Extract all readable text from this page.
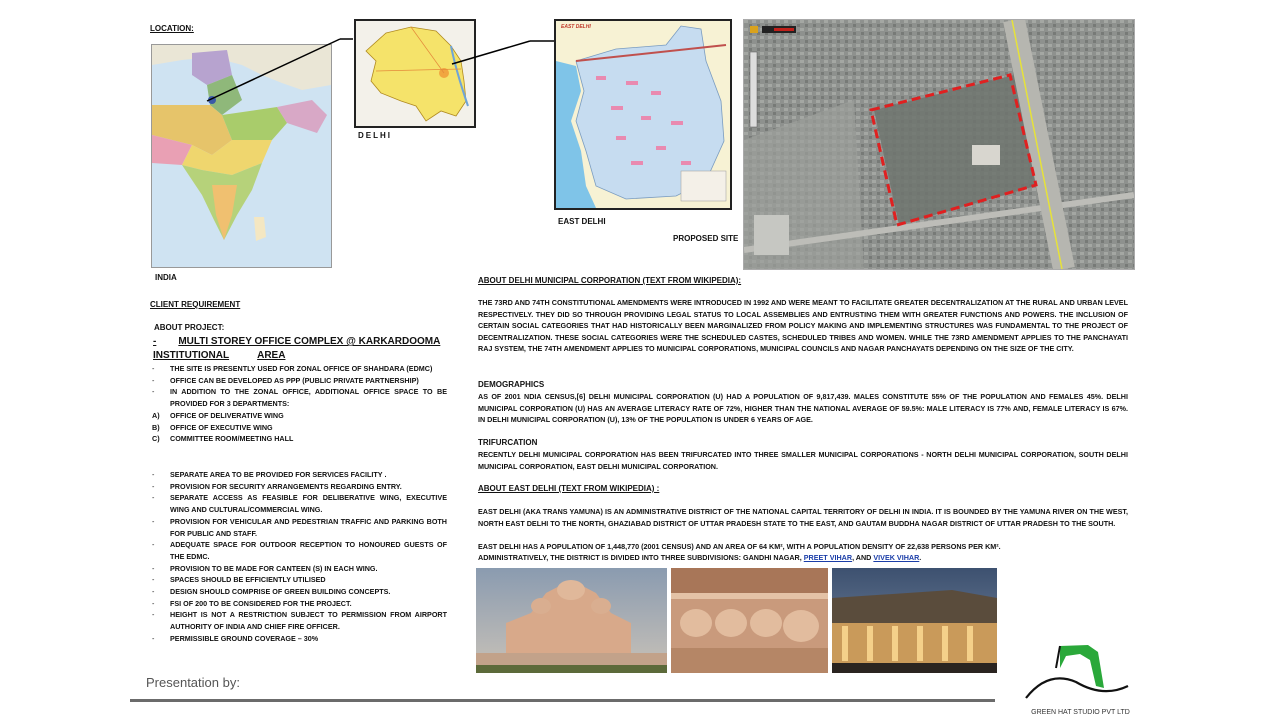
LOCATION:
INDIA
DELHI
EAST DELHI
EAST DELHI
PROPOSED SITE
CLIENT REQUIREMENT
ABOUT PROJECT:
- MULTI STOREY OFFICE COMPLEX @ KARKARDOOMA
INSTITUTIONAL	AREA
- THE SITE IS PRESENTLY USED FOR ZONAL OFFICE OF SHAHDARA (EDMC)
- OFFICE CAN BE DEVELOPED AS PPP (PUBLIC PRIVATE PARTNERSHIP)
- IN ADDITION TO THE ZONAL OFFICE, ADDITIONAL OFFICE SPACE TO BE PROVIDED FOR 3 DEPARTMENTS:
A) OFFICE OF DELIVERATIVE WING
B) OFFICE OF EXECUTIVE WING
C) COMMITTEE ROOM/MEETING HALL
- SEPARATE AREA TO BE PROVIDED FOR SERVICES FACILITY .
- PROVISION FOR SECURITY ARRANGEMENTS REGARDING ENTRY.
- SEPARATE ACCESS AS FEASIBLE FOR DELIBERATIVE WING, EXECUTIVE WING AND CULTURAL/COMMERCIAL WING.
- PROVISION FOR VEHICULAR AND PEDESTRIAN TRAFFIC AND PARKING BOTH FOR PUBLIC AND STAFF.
- ADEQUATE SPACE FOR OUTDOOR RECEPTION TO HONOURED GUESTS OF THE EDMC.
- PROVISION TO BE MADE FOR CANTEEN (S) IN EACH WING.
- SPACES SHOULD BE EFFICIENTLY UTILISED
- DESIGN SHOULD COMPRISE OF GREEN BUILDING CONCEPTS.
- FSI OF 200 TO BE CONSIDERED FOR THE PROJECT.
- HEIGHT IS NOT A RESTRICTION SUBJECT TO PERMISSION FROM AIRPORT AUTHORITY OF INDIA AND CHIEF FIRE OFFICER.
- PERMISSIBLE GROUND COVERAGE – 30%
ABOUT DELHI MUNICIPAL CORPORATION (TEXT FROM WIKIPEDIA):
THE 73RD AND 74TH CONSTITUTIONAL AMENDMENTS WERE INTRODUCED IN 1992 AND WERE MEANT TO FACILITATE GREATER DECENTRALIZATION AT THE RURAL AND URBAN LEVEL RESPECTIVELY. THEY DID SO THROUGH PROVIDING LEGAL STATUS TO LOCAL ASSEMBLIES AND ENTRUSTING THEM WITH GREATER FUNCTIONS AND POWERS. THE INCLUSION OF CERTAIN SOCIAL CATEGORIES THAT HAD HISTORICALLY BEEN MARGINALIZED FROM POLICY MAKING AND IMPLEMENTING STRUCTURES WAS FUNDAMENTAL TO THE PROJECT OF DECENTRALIZATION. THESE SOCIAL CATEGORIES WERE THE SCHEDULED CASTES, SCHEDULED TRIBES AND WOMEN. WHILE THE 73RD AMENDMENT APPLIES TO THE PANCHAYATI RAJ SYSTEM, THE 74TH AMENDMENT APPLIES TO MUNICIPAL CORPORATIONS, MUNICIPAL COUNCILS AND NAGAR PANCHAYATS DEPENDING ON THE SIZE OF THE CITY.
DEMOGRAPHICS
AS OF 2001 NDIA CENSUS,[6] DELHI MUNICIPAL CORPORATION (U) HAD A POPULATION OF 9,817,439. MALES CONSTITUTE 55% OF THE POPULATION AND FEMALES 45%. DELHI MUNICIPAL CORPORATION (U) HAS AN AVERAGE LITERACY RATE OF 72%, HIGHER THAN THE NATIONAL AVERAGE OF 59.5%: MALE LITERACY IS 77% AND, FEMALE LITERACY IS 67%. IN DELHI MUNICIPAL CORPORATION (U), 13% OF THE POPULATION IS UNDER 6 YEARS OF AGE.
TRIFURCATION
RECENTLY DELHI MUNICIPAL CORPORATION HAS BEEN TRIFURCATED INTO THREE SMALLER MUNICIPAL CORPORATIONS - NORTH DELHI MUNICIPAL CORPORATION, SOUTH DELHI MUNICIPAL CORPORATION, EAST DELHI MUNICIPAL CORPORATION.
ABOUT EAST DELHI (TEXT FROM WIKIPEDIA) :
EAST DELHI (AKA TRANS YAMUNA) IS AN ADMINISTRATIVE DISTRICT OF THE NATIONAL CAPITAL TERRITORY OF DELHI IN INDIA. IT IS BOUNDED BY THE YAMUNA RIVER ON THE WEST, NORTH EAST DELHI TO THE NORTH, GHAZIABAD DISTRICT OF UTTAR PRADESH STATE TO THE EAST, AND GAUTAM BUDDHA NAGAR DISTRICT OF UTTAR PRADESH TO THE SOUTH.
EAST DELHI HAS A POPULATION OF 1,448,770 (2001 CENSUS) AND AN AREA OF 64 KM², WITH A POPULATION DENSITY OF 22,638 PERSONS PER KM².
ADMINISTRATIVELY, THE DISTRICT IS DIVIDED INTO THREE SUBDIVISIONS: GANDHI NAGAR, PREET VIHAR, AND VIVEK VIHAR.
Presentation by:
GREEN HAT STUDIO PVT LTD
